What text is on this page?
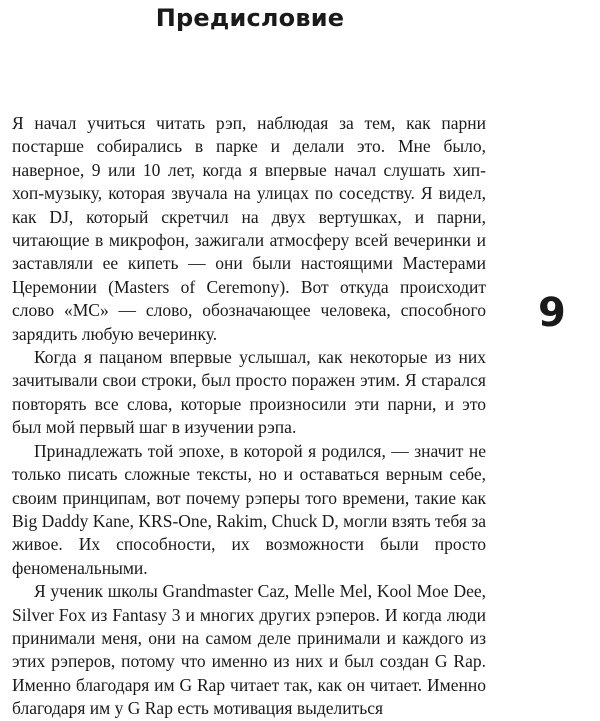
Предисловие
9

Я начал учиться читать рэп, наблюдая за тем, как парни постарше собирались в парке и делали это. Мне было, наверное, 9 или 10 лет, когда я впервые начал слушать хип-хоп-музыку, которая звучала на улицах по соседству. Я видел, как DJ, который скретчил на двух вертушках, и парни, читающие в микрофон, зажигали атмосферу всей вечеринки и заставляли ее кипеть — они были настоящими Мастерами Церемонии (Masters of Ceremony). Вот откуда происходит слово «MC» — слово, обозначающее человека, способного зарядить любую вечеринку.

Когда я пацаном впервые услышал, как некоторые из них зачитывали свои строки, был просто поражен этим. Я старался повторять все слова, которые произносили эти парни, и это был мой первый шаг в изучении рэпа.

Принадлежать той эпохе, в которой я родился, — значит не только писать сложные тексты, но и оставаться верным себе, своим принципам, вот почему рэперы того времени, такие как Big Daddy Kane, KRS-One, Rakim, Chuck D, могли взять тебя за живое. Их способности, их возможности были просто феноменальными.

Я ученик школы Grandmaster Caz, Melle Mel, Kool Moe Dee, Silver Fox из Fantasy 3 и многих других рэперов. И когда люди принимали меня, они на самом деле принимали и каждого из этих рэперов, потому что именно из них и был создан G Rap. Именно благодаря им G Rap читает так, как он читает. Именно благодаря им у G Rap есть мотивация выделиться
